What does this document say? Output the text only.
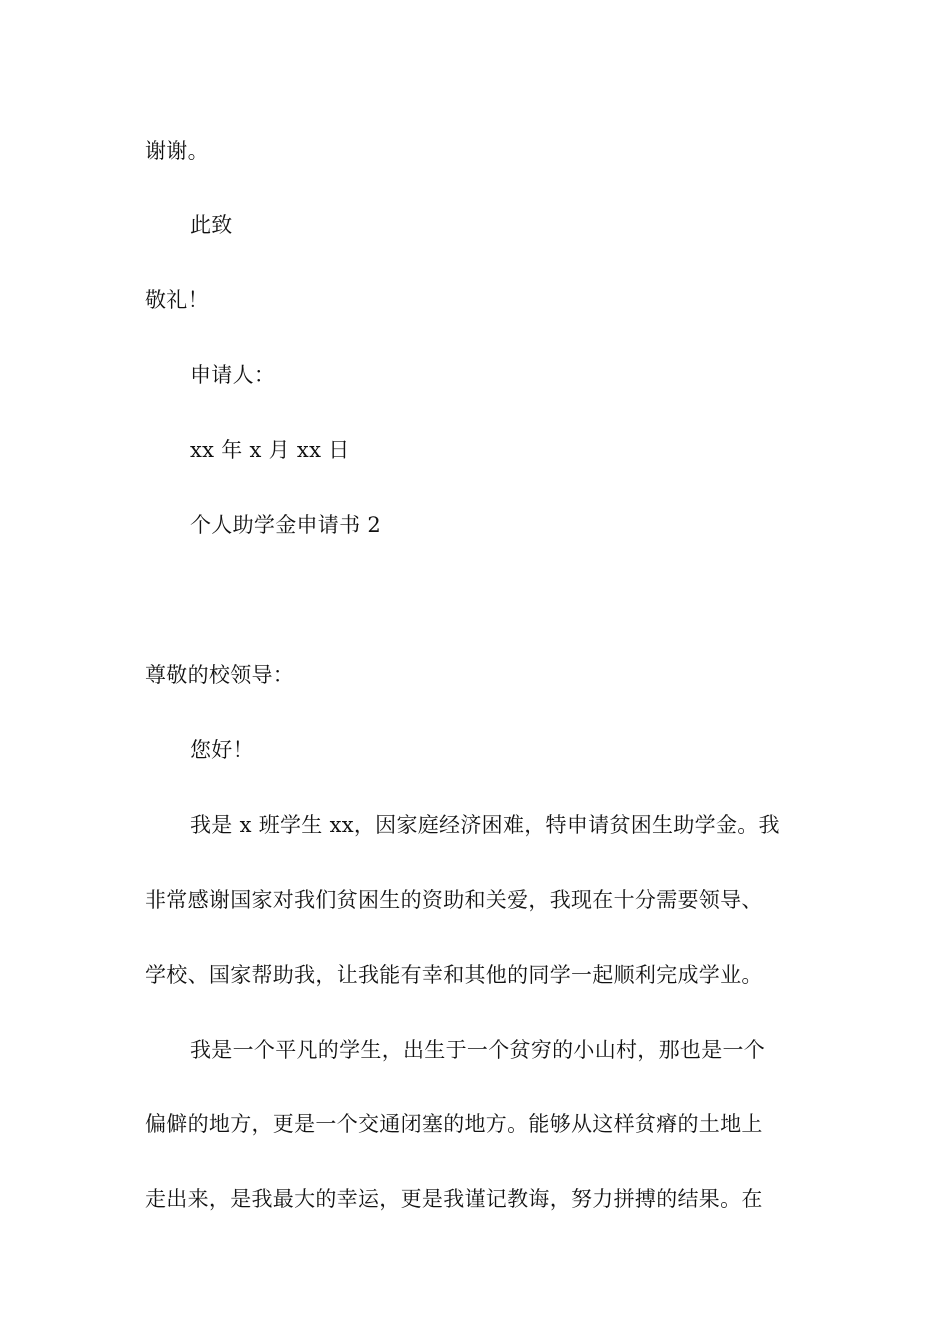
谢谢。
此致
敬礼！
申请人：
xx 年 x 月 xx 日
个人助学金申请书 2
尊敬的校领导：
您好！
我是 x 班学生 xx，因家庭经济困难，特申请贫困生助学金。我
非常感谢国家对我们贫困生的资助和关爱，我现在十分需要领导、
学校、国家帮助我，让我能有幸和其他的同学一起顺利完成学业。
我是一个平凡的学生，出生于一个贫穷的小山村，那也是一个
偏僻的地方，更是一个交通闭塞的地方。能够从这样贫瘠的土地上
走出来，是我最大的幸运，更是我谨记教诲，努力拼搏的结果。在
